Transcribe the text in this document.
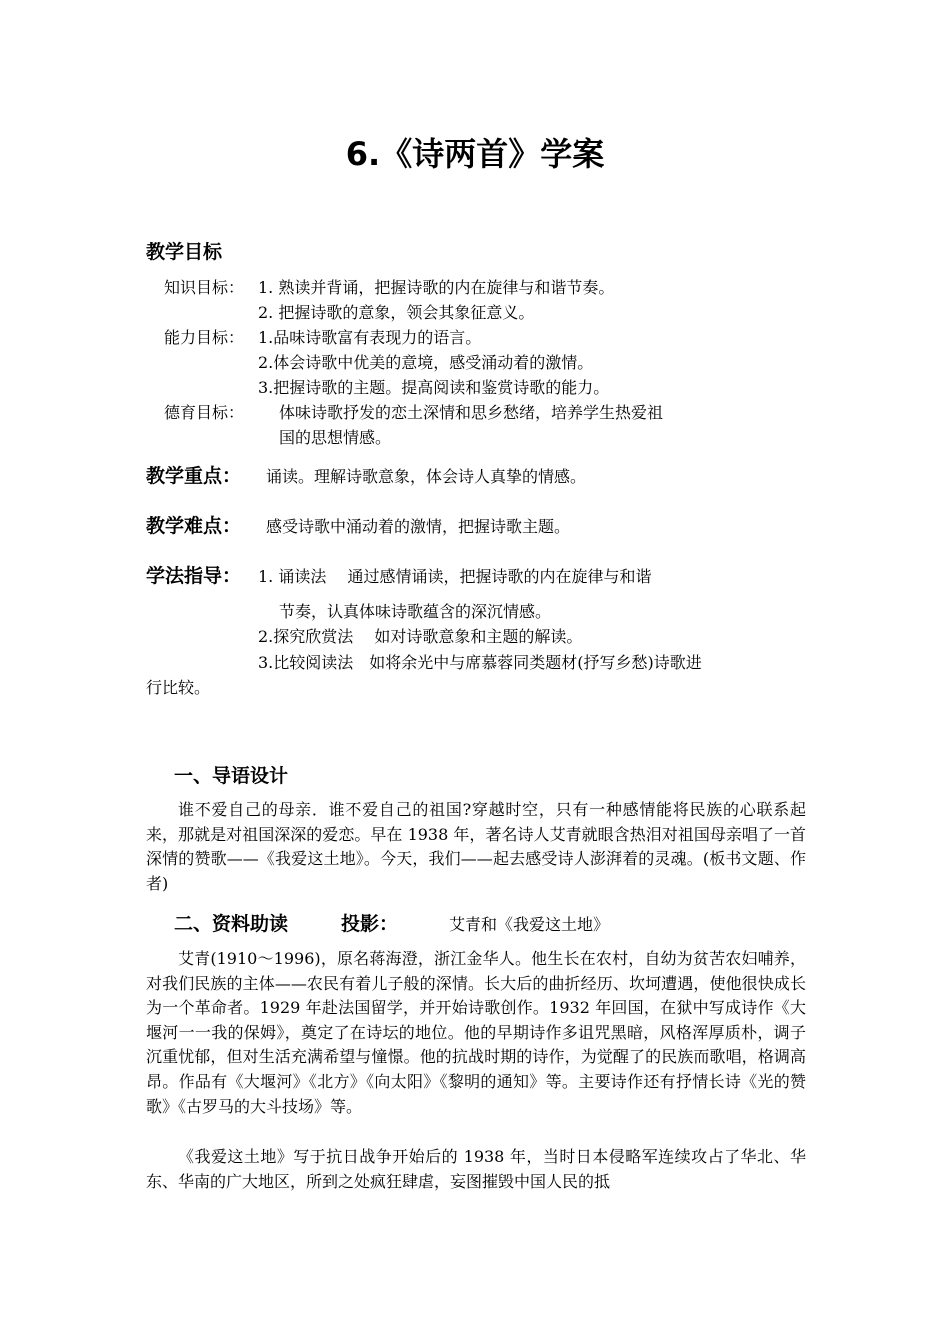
6.《诗两首》学案
教学目标
知识目标： 1. 熟读并背诵，把握诗歌的内在旋律与和谐节奏。
2. 把握诗歌的意象，领会其象征意义。
能力目标： 1.品味诗歌富有表现力的语言。
2.体会诗歌中优美的意境，感受涌动着的激情。
3.把握诗歌的主题。提高阅读和鉴赏诗歌的能力。
德育目标： 体味诗歌抒发的恋土深情和思乡愁绪，培养学生热爱祖
国的思想情感。
教学重点： 诵读。理解诗歌意象，体会诗人真挚的情感。
教学难点： 感受诗歌中涌动着的激情，把握诗歌主题。
学法指导： 1. 诵读法　 通过感情诵读，把握诗歌的内在旋律与和谐
节奏，认真体味诗歌蕴含的深沉情感。
2.探究欣赏法　 如对诗歌意象和主题的解读。
3.比较阅读法　如将余光中与席慕蓉同类题材(抒写乡愁)诗歌进
行比较。
一、导语设计
谁不爱自己的母亲．谁不爱自己的祖国?穿越时空，只有一种感情能将民族的心联系起来，那就是对祖国深深的爱恋。早在 1938 年，著名诗人艾青就眼含热泪对祖国母亲唱了一首深情的赞歌——《我爱这土地》。今天，我们——起去感受诗人澎湃着的灵魂。(板书文题、作者)
二、资料助读	投影：	艾青和《我爱这土地》
艾青(1910～1996)，原名蒋海澄，浙江金华人。他生长在农村，自幼为贫苦农妇哺养，对我们民族的主体——农民有着儿子般的深情。长大后的曲折经历、坎坷遭遇，使他很快成长为一个革命者。1929 年赴法国留学，并开始诗歌创作。1932 年回国，在狱中写成诗作《大堰河一一我的保姆》，奠定了在诗坛的地位。他的早期诗作多诅咒黑暗，风格浑厚质朴，调子沉重忧郁，但对生活充满希望与憧憬。他的抗战时期的诗作，为觉醒了的民族而歌唱，格调高昂。作品有《大堰河》《北方》《向太阳》《黎明的通知》等。主要诗作还有抒情长诗《光的赞歌》《古罗马的大斗技场》等。
《我爱这土地》写于抗日战争开始后的 1938 年，当时日本侵略军连续攻占了华北、华东、华南的广大地区，所到之处疯狂肆虐，妄图摧毁中国人民的抵
